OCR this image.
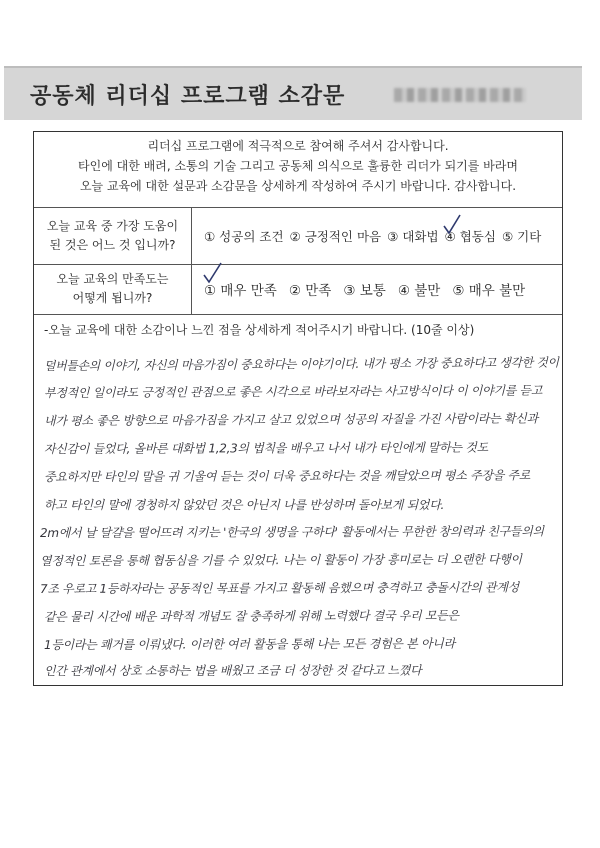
공동체 리더십 프로그램 소감문
리더십 프로그램에 적극적으로 참여해 주셔서 감사합니다.
타인에 대한 배려, 소통의 기술 그리고 공동체 의식으로 훌륭한 리더가 되기를 바라며
오늘 교육에 대한 설문과 소감문을 상세하게 작성하여 주시기 바랍니다. 감사합니다.
오늘 교육 중 가장 도움이
된 것은 어느 것 입니까?
① 성공의 조건 ② 긍정적인 마음 ③ 대화법 ④ 협동심 ⑤ 기타
오늘 교육의 만족도는
어떻게 됩니까?	① 매우 만족 ② 만족 ③ 보통 ④ 불만 ⑤ 매우 불만
-오늘 교육에 대한 소감이나 느낀 점을 상세하게 적어주시기 바랍니다. (10줄 이상)
덜버틀손의 이야기, 자신의 마음가짐이 중요하다는 이야기이다. 내가 평소 가장 중요하다고 생각한 것이
부정적인 일이라도 긍정적인 관점으로 좋은 시각으로 바라보자라는 사고방식이다 이 이야기를 듣고
내가 평소 좋은 방향으로 마음가짐을 가지고 살고 있었으며 성공의 자질을 가진 사람이라는 확신과
자신감이 들었다, 올바른 대화법 1,2,3의 법칙을 배우고 나서 내가 타인에게 말하는 것도
중요하지만 타인의 말을 귀 기울여 듣는 것이 더욱 중요하다는 것을 깨달았으며 평소 주장을 주로
하고 타인의 말에 경청하지 않았던 것은 아닌지 나를 반성하며 돌아보게 되었다.
2m에서 날 달걀을 떨어뜨려 지키는 '한국의 생명을 구하다' 활동에서는 무한한 창의력과 친구들의의
열정적인 토론을 통해 협동심을 기를 수 있었다. 나는 이 활동이 가장 흥미로는 더 오랜한 다행이
7조 우로고 1등하자라는 공동적인 목표를 가지고 활동해 음했으며 충격하고 충돌시간의 관계성
같은 물리 시간에 배운 과학적 개념도 잘 충족하게 위해 노력했다 결국 우리 모든은
1등이라는 쾌거를 이뤄냈다. 이러한 여러 활동을 통해 나는 모든 경험은 본 아니라
인간 관계에서 상호 소통하는 법을 배웠고 조금 더 성장한 것 같다고 느꼈다
